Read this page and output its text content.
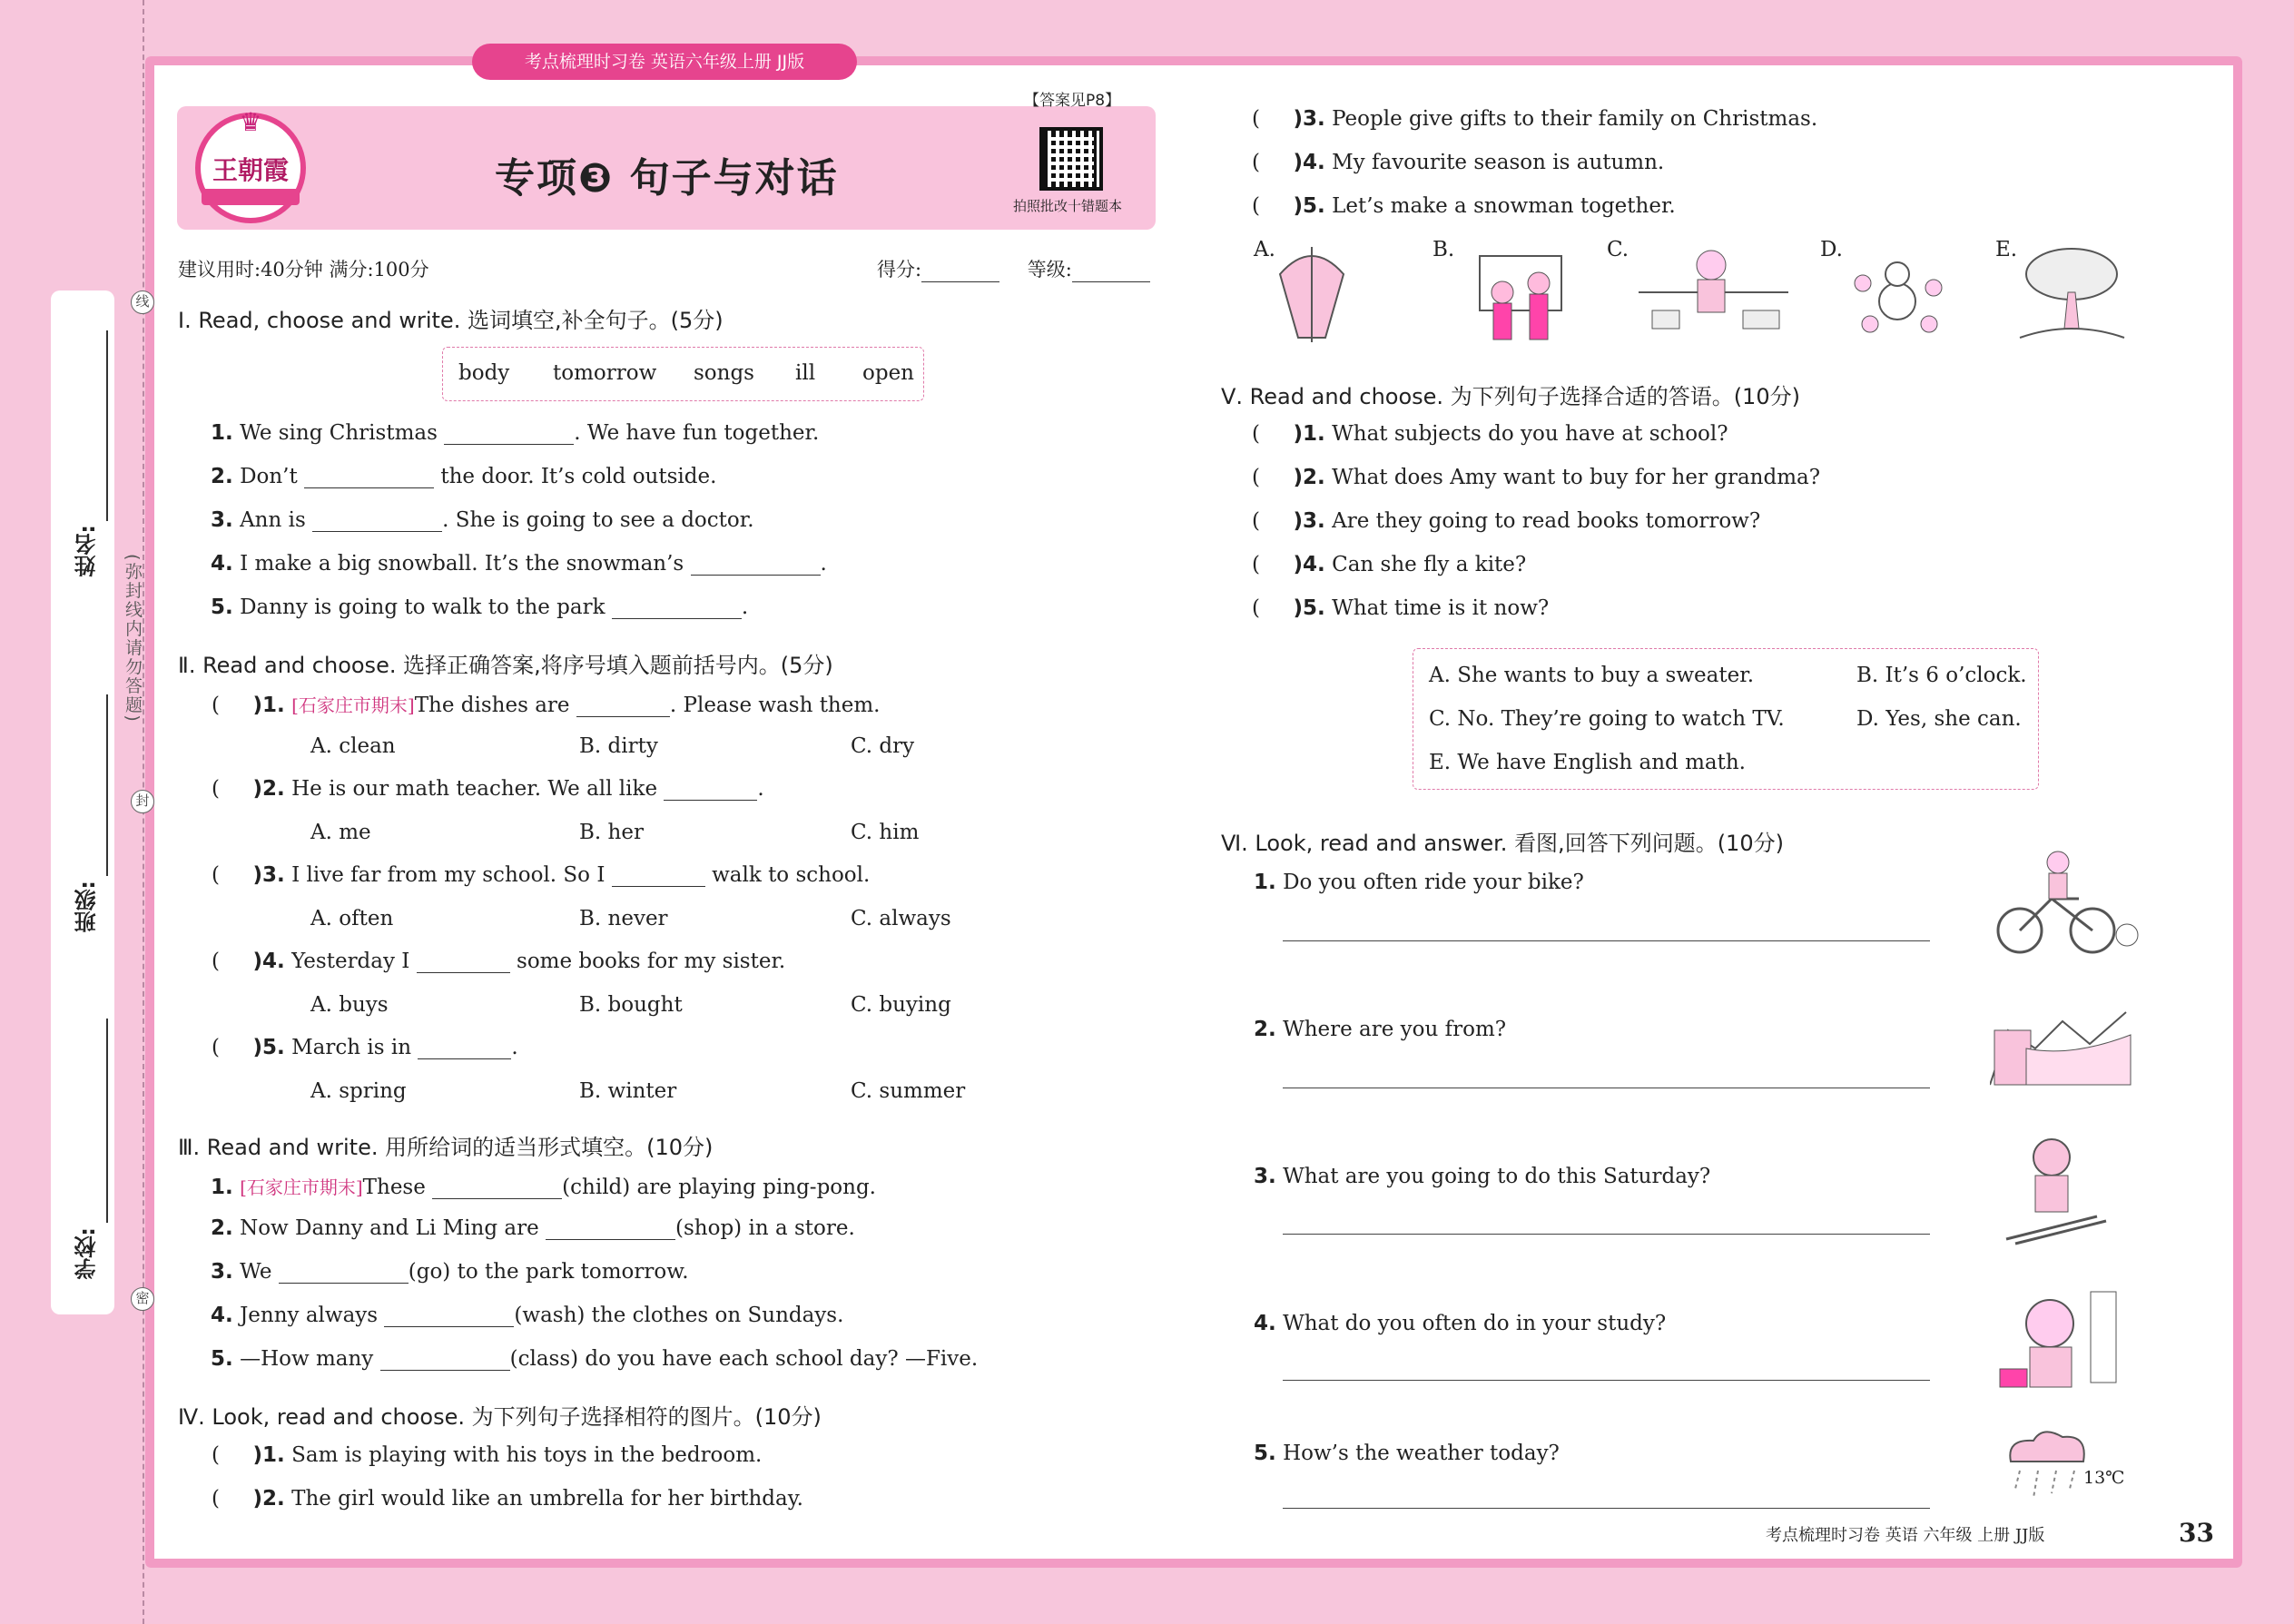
姓名:
班级:
学校:
线
封
密
(弥封线内请勿答题)
考点梳理时习卷 英语六年级上册 JJ版
♛
王朝霞	专项❸ 句子与对话
【答案见P8】
拍照批改十错题本
建议用时:40分钟 满分:100分	得分:	等级:
Ⅰ. Read, choose and write. 选词填空,补全句子。(5分)
body tomorrow songs ill open
1. We sing Christmas	. We have fun together.
2. Don’t	the door. It’s cold outside.
3. Ann is	. She is going to see a doctor.
4. I make a big snowball. It’s the snowman’s	.
5. Danny is going to walk to the park	.
Ⅱ. Read and choose. 选择正确答案,将序号填入题前括号内。(5分)
(     )1. [石家庄市期末]The dishes are	. Please wash them.
A. clean	B. dirty	C. dry
(     )2. He is our math teacher. We all like	.
A. me	B. her	C. him
(     )3. I live far from my school. So I	walk to school.
A. often	B. never	C. always
(     )4. Yesterday I	some books for my sister.
A. buys	B. bought	C. buying
(     )5. March is in	.
A. spring	B. winter	C. summer
Ⅲ. Read and write. 用所给词的适当形式填空。(10分)
1. [石家庄市期末]These	(child) are playing ping-pong.
2. Now Danny and Li Ming are	(shop) in a store.
3. We	(go) to the park tomorrow.
4. Jenny always	(wash) the clothes on Sundays.
5. —How many	(class) do you have each school day? —Five.
Ⅳ. Look, read and choose. 为下列句子选择相符的图片。(10分)
(     )1. Sam is playing with his toys in the bedroom.
(     )2. The girl would like an umbrella for her birthday.
(     )3. People give gifts to their family on Christmas.
(     )4. My favourite season is autumn.
(     )5. Let’s make a snowman together.
A.	B.	C.	D.	E.
Ⅴ. Read and choose. 为下列句子选择合适的答语。(10分)
(     )1. What subjects do you have at school?
(     )2. What does Amy want to buy for her grandma?
(     )3. Are they going to read books tomorrow?
(     )4. Can she fly a kite?
(     )5. What time is it now?
A. She wants to buy a sweater.	B. It’s 6 o’clock.
C. No. They’re going to watch TV.	D. Yes, she can.
E. We have English and math.
Ⅵ. Look, read and answer. 看图,回答下列问题。(10分)
1. Do you often ride your bike?
2. Where are you from?
3. What are you going to do this Saturday?
4. What do you often do in your study?
5. How’s the weather today?
13℃
考点梳理时习卷 英语 六年级 上册 JJ版	33
